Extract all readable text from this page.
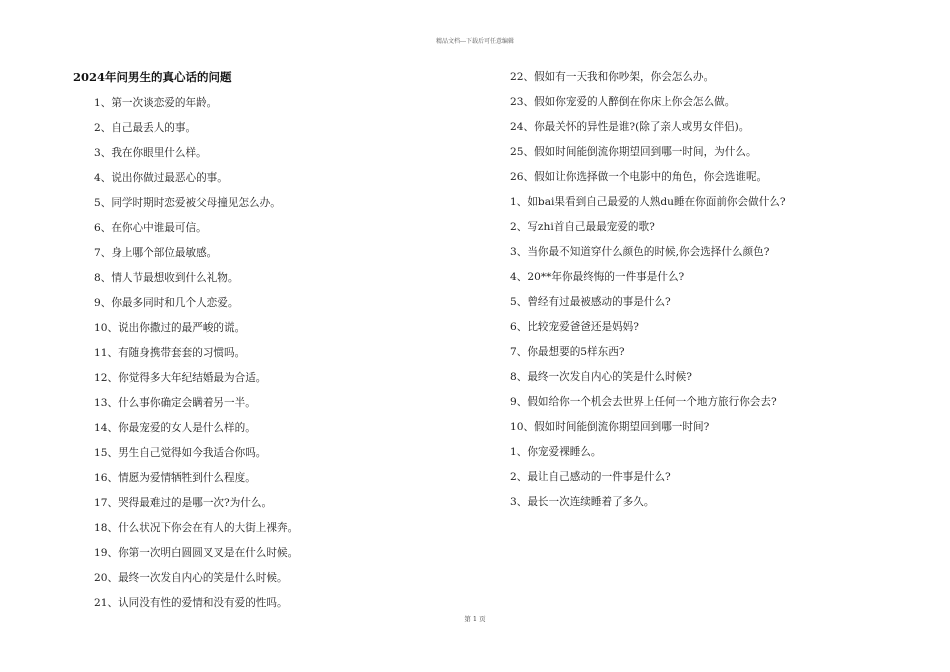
精品文档---下载后可任意编辑
2024年问男生的真心话的问题
1、第一次谈恋爱的年龄。
2、自己最丢人的事。
3、我在你眼里什么样。
4、说出你做过最恶心的事。
5、同学时期时恋爱被父母撞见怎么办。
6、在你心中谁最可信。
7、身上哪个部位最敏感。
8、情人节最想收到什么礼物。
9、你最多同时和几个人恋爱。
10、说出你撒过的最严峻的谎。
11、有随身携带套套的习惯吗。
12、你觉得多大年纪结婚最为合适。
13、什么事你确定会瞒着另一半。
14、你最宠爱的女人是什么样的。
15、男生自己觉得如今我适合你吗。
16、情愿为爱情牺牲到什么程度。
17、哭得最难过的是哪一次?为什么。
18、什么状况下你会在有人的大街上裸奔。
19、你第一次明白圆圆叉叉是在什么时候。
20、最终一次发自内心的笑是什么时候。
21、认同没有性的爱情和没有爱的性吗。
22、假如有一天我和你吵架，你会怎么办。
23、假如你宠爱的人醉倒在你床上你会怎么做。
24、你最关怀的异性是谁?(除了亲人或男女伴侣)。
25、假如时间能倒流你期望回到哪一时间，为什么。
26、假如让你选择做一个电影中的角色，你会选谁呢。
1、如bai果看到自己最爱的人熟du睡在你面前你会做什么?
2、写zhi首自己最最宠爱的歌?
3、当你最不知道穿什么颜色的时候,你会选择什么颜色?
4、20**年你最终悔的一件事是什么?
5、曾经有过最被感动的事是什么?
6、比较宠爱爸爸还是妈妈?
7、你最想要的5样东西?
8、最终一次发自内心的笑是什么时候?
9、假如给你一个机会去世界上任何一个地方旅行你会去?
10、假如时间能倒流你期望回到哪一时间?
1、你宠爱裸睡么。
2、最让自己感动的一件事是什么?
3、最长一次连续睡着了多久。
第 1 页
